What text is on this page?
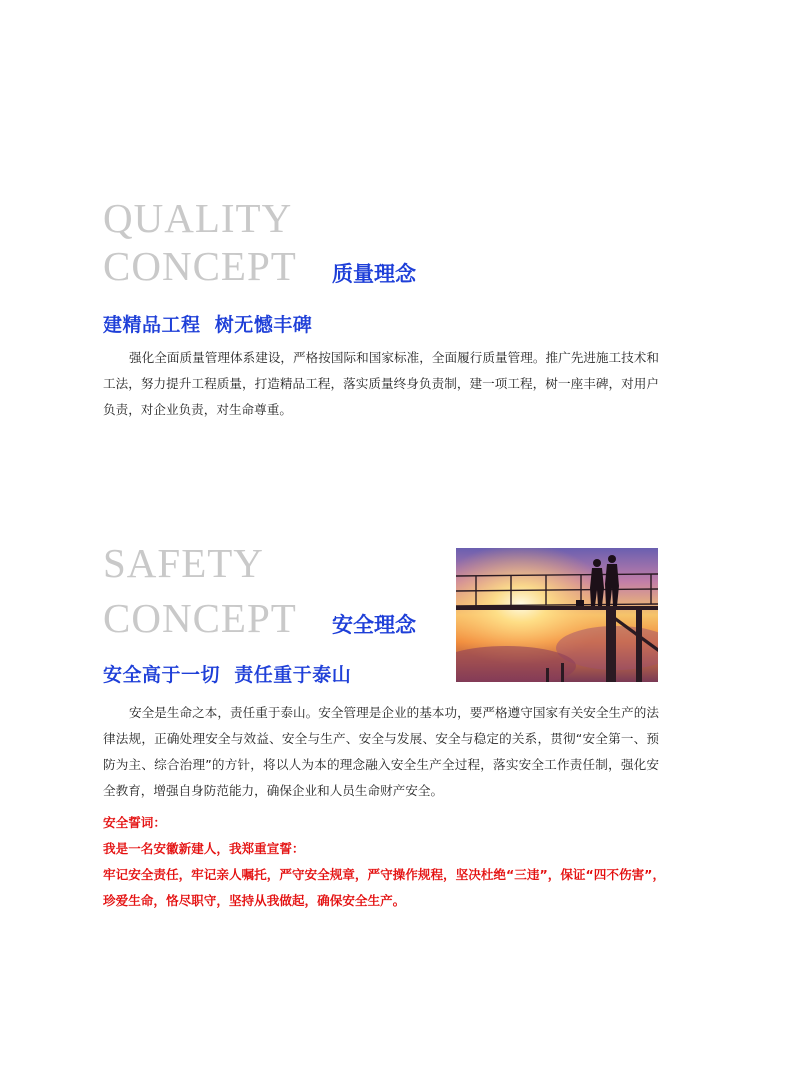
QUALITY
CONCEPT 质量理念
建精品工程  树无憾丰碑

强化全面质量管理体系建设，严格按国际和国家标准，全面履行质量管理。推广先进施工技术和工法，努力提升工程质量，打造精品工程，落实质量终身负责制，建一项工程，树一座丰碑，对用户负责，对企业负责，对生命尊重。

SAFETY
CONCEPT 安全理念
安全高于一切  责任重于泰山

安全是生命之本，责任重于泰山。安全管理是企业的基本功，要严格遵守国家有关安全生产的法律法规，正确处理安全与效益、安全与生产、安全与发展、安全与稳定的关系，贯彻“安全第一、预防为主、综合治理”的方针，将以人为本的理念融入安全生产全过程，落实安全工作责任制，强化安全教育，增强自身防范能力，确保企业和人员生命财产安全。

安全誓词：

我是一名安徽新建人，我郑重宣誓：

牢记安全责任，牢记亲人嘱托，严守安全规章，严守操作规程，坚决杜绝“三违”，保证“四不伤害”，珍爱生命，恪尽职守，坚持从我做起，确保安全生产。
